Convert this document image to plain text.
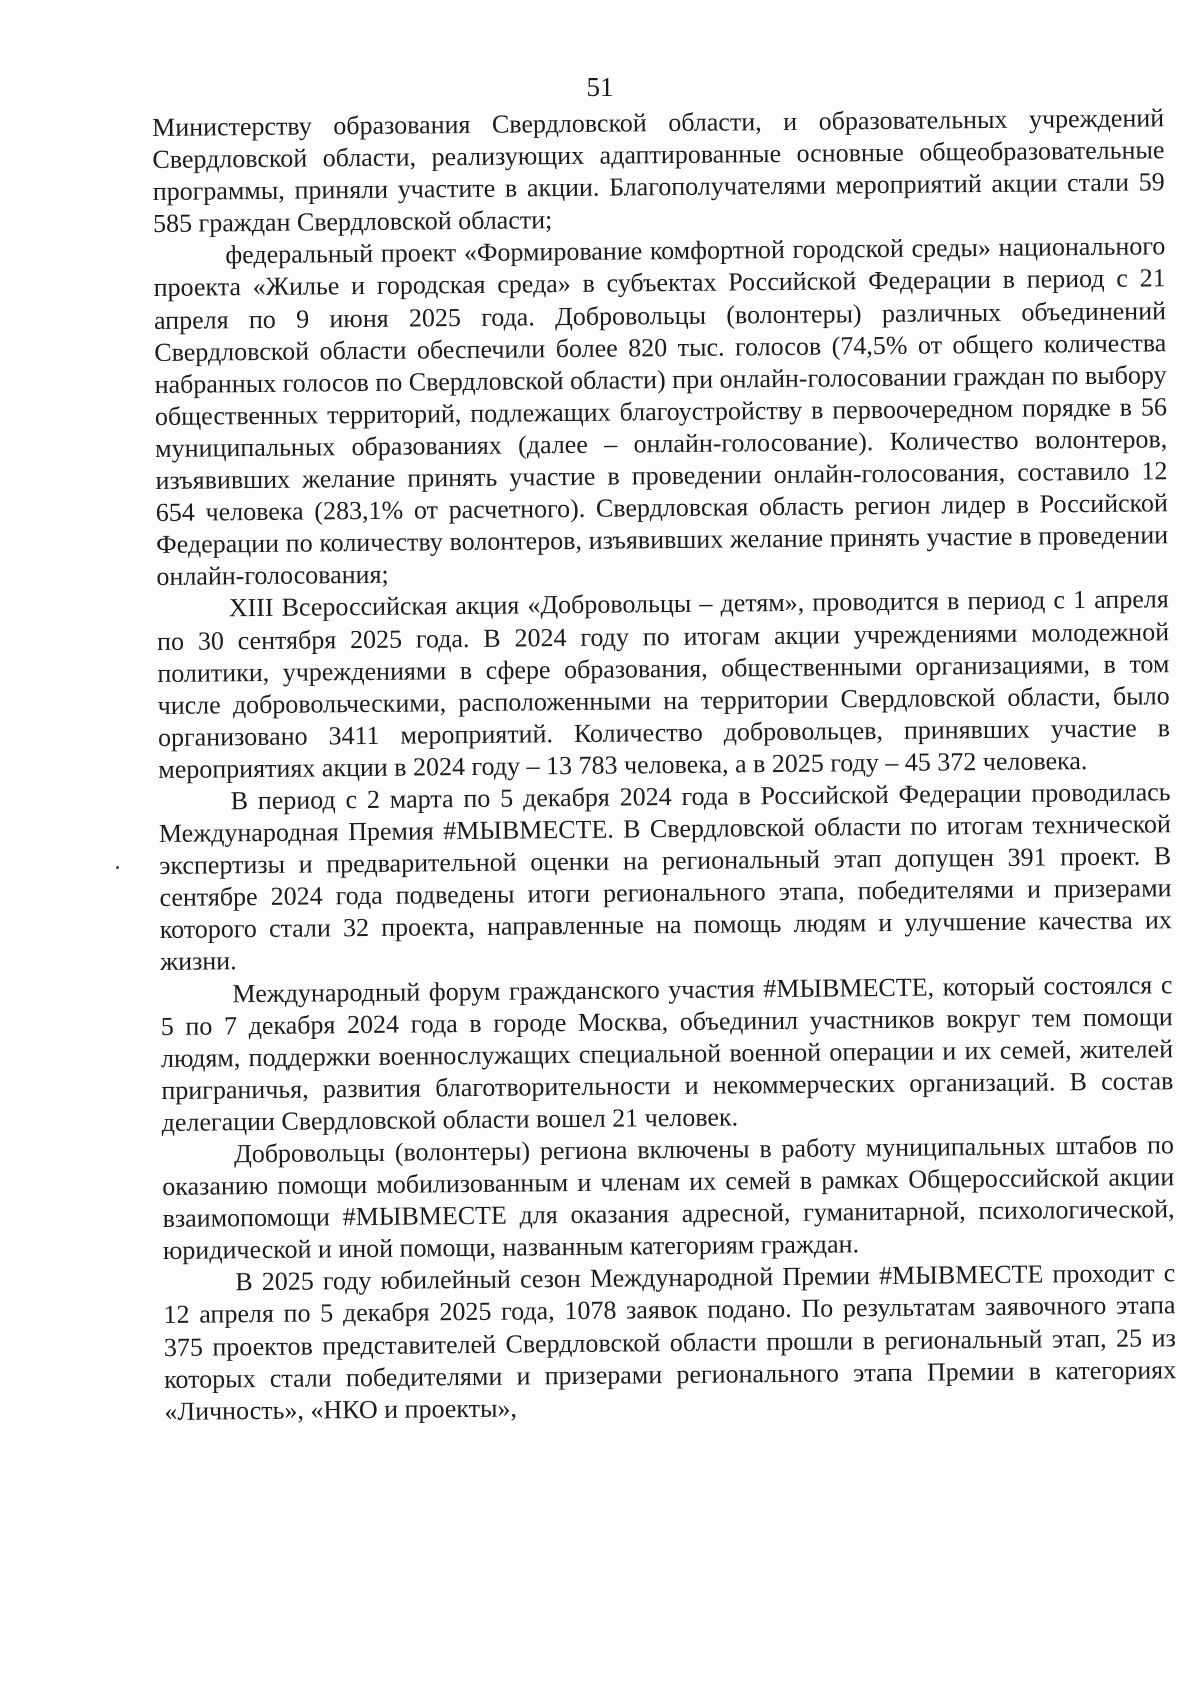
51

Министерству образования Свердловской области, и образовательных учреждений Свердловской области, реализующих адаптированные основные общеобразовательные программы, приняли участите в акции. Благополучателями мероприятий акции стали 59 585 граждан Свердловской области;

федеральный проект «Формирование комфортной городской среды» национального проекта «Жилье и городская среда» в субъектах Российской Федерации в период с 21 апреля по 9 июня 2025 года. Добровольцы (волонтеры) различных объединений Свердловской области обеспечили более 820 тыс. голосов (74,5% от общего количества набранных голосов по Свердловской области) при онлайн-голосовании граждан по выбору общественных территорий, подлежащих благоустройству в первоочередном порядке в 56 муниципальных образованиях (далее – онлайн-голосование). Количество волонтеров, изъявивших желание принять участие в проведении онлайн-голосования, составило 12 654 человека (283,1% от расчетного). Свердловская область регион лидер в Российской Федерации по количеству волонтеров, изъявивших желание принять участие в проведении онлайн-голосования;

XIII Всероссийская акция «Добровольцы – детям», проводится в период с 1 апреля по 30 сентября 2025 года. В 2024 году по итогам акции учреждениями молодежной политики, учреждениями в сфере образования, общественными организациями, в том числе добровольческими, расположенными на территории Свердловской области, было организовано 3411 мероприятий. Количество добровольцев, принявших участие в мероприятиях акции в 2024 году – 13 783 человека, а в 2025 году – 45 372 человека.

В период с 2 марта по 5 декабря 2024 года в Российской Федерации проводилась Международная Премия #МЫВМЕСТЕ. В Свердловской области по итогам технической экспертизы и предварительной оценки на региональный этап допущен 391 проект. В сентябре 2024 года подведены итоги регионального этапа, победителями и призерами которого стали 32 проекта, направленные на помощь людям и улучшение качества их жизни.

Международный форум гражданского участия #МЫВМЕСТЕ, который состоялся с 5 по 7 декабря 2024 года в городе Москва, объединил участников вокруг тем помощи людям, поддержки военнослужащих специальной военной операции и их семей, жителей приграничья, развития благотворительности и некоммерческих организаций. В состав делегации Свердловской области вошел 21 человек.

Добровольцы (волонтеры) региона включены в работу муниципальных штабов по оказанию помощи мобилизованным и членам их семей в рамках Общероссийской акции взаимопомощи #МЫВМЕСТЕ для оказания адресной, гуманитарной, психологической, юридической и иной помощи, названным категориям граждан.

В 2025 году юбилейный сезон Международной Премии #МЫВМЕСТЕ проходит с 12 апреля по 5 декабря 2025 года, 1078 заявок подано. По результатам заявочного этапа 375 проектов представителей Свердловской области прошли в региональный этап, 25 из которых стали победителями и призерами регионального этапа Премии в категориях «Личность», «НКО и проекты»,
